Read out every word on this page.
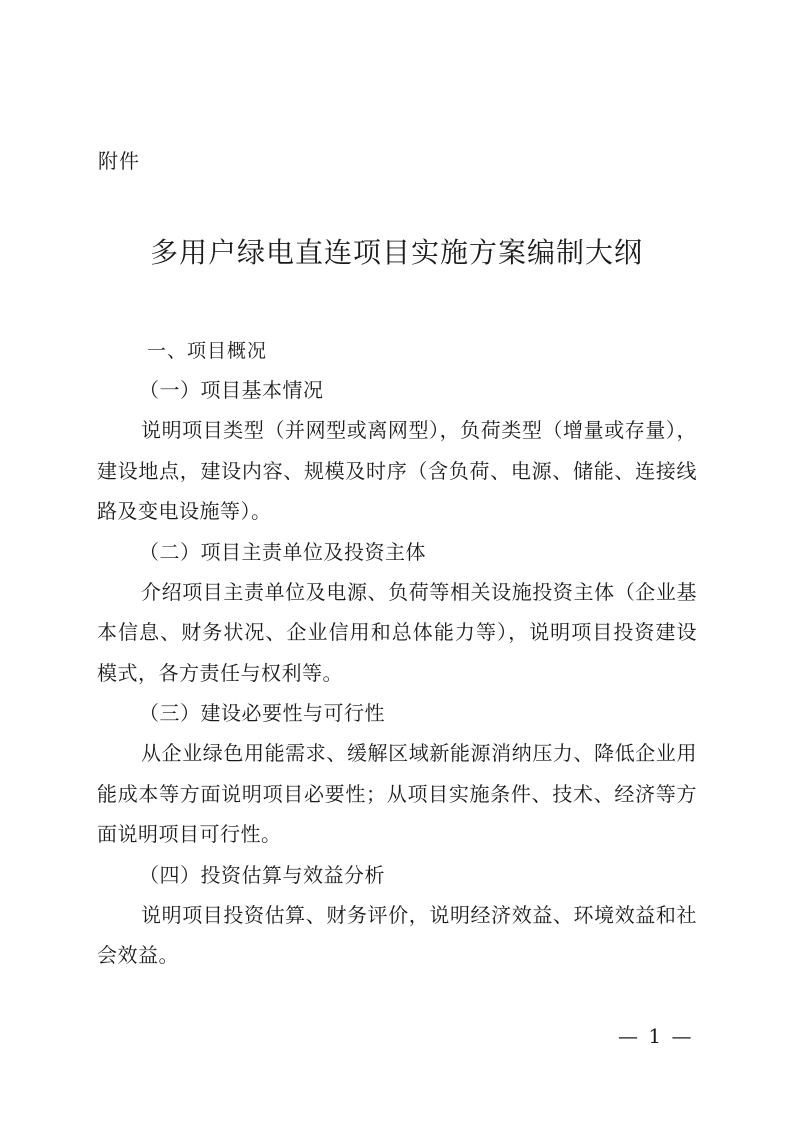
附件
多用户绿电直连项目实施方案编制大纲

一、项目概况

（一）项目基本情况

说明项目类型（并网型或离网型），负荷类型（增量或存量），建设地点，建设内容、规模及时序（含负荷、电源、储能、连接线路及变电设施等）。

（二）项目主责单位及投资主体

介绍项目主责单位及电源、负荷等相关设施投资主体（企业基本信息、财务状况、企业信用和总体能力等），说明项目投资建设模式，各方责任与权利等。

（三）建设必要性与可行性

从企业绿色用能需求、缓解区域新能源消纳压力、降低企业用能成本等方面说明项目必要性；从项目实施条件、技术、经济等方面说明项目可行性。

（四）投资估算与效益分析

说明项目投资估算、财务评价，说明经济效益、环境效益和社会效益。

— 1 —
